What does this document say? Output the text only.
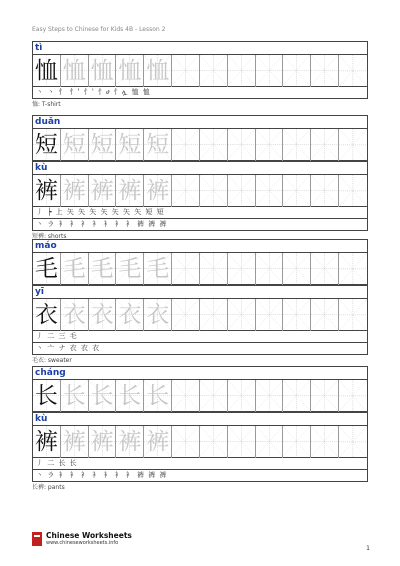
Easy Steps to Chinese for Kids 4B - Lesson 2
tì
恤 恤 恤 恤 恤
丶 丶 忄 忄' 忄' 忄ሀ 忄ሏ 恤 恤
恤: T-shirt
duǎn
短 短 短 短 短
kù
裤 裤 裤 裤 裤
丿 ┝ 上 矢 矢 矢 矢 矢 矢 矢 短 短
丶 ラ 衤 衤 衤 衤 衤 衤 衤 裤 裤 裤
短裤: shorts
máo
毛 毛 毛 毛 毛
yī
衣 衣 衣 衣 衣
丿 二 三 毛
丶 亠 ナ 衣 衣 衣
毛衣: sweater
cháng
长 长 长 长 长
kù
裤 裤 裤 裤 裤
丿 二 长 长
丶 ラ 衤 衤 衤 衤 衤 衤 衤 裤 裤 裤
长裤: pants
Chinese Worksheets
www.chineseworksheets.info
1
